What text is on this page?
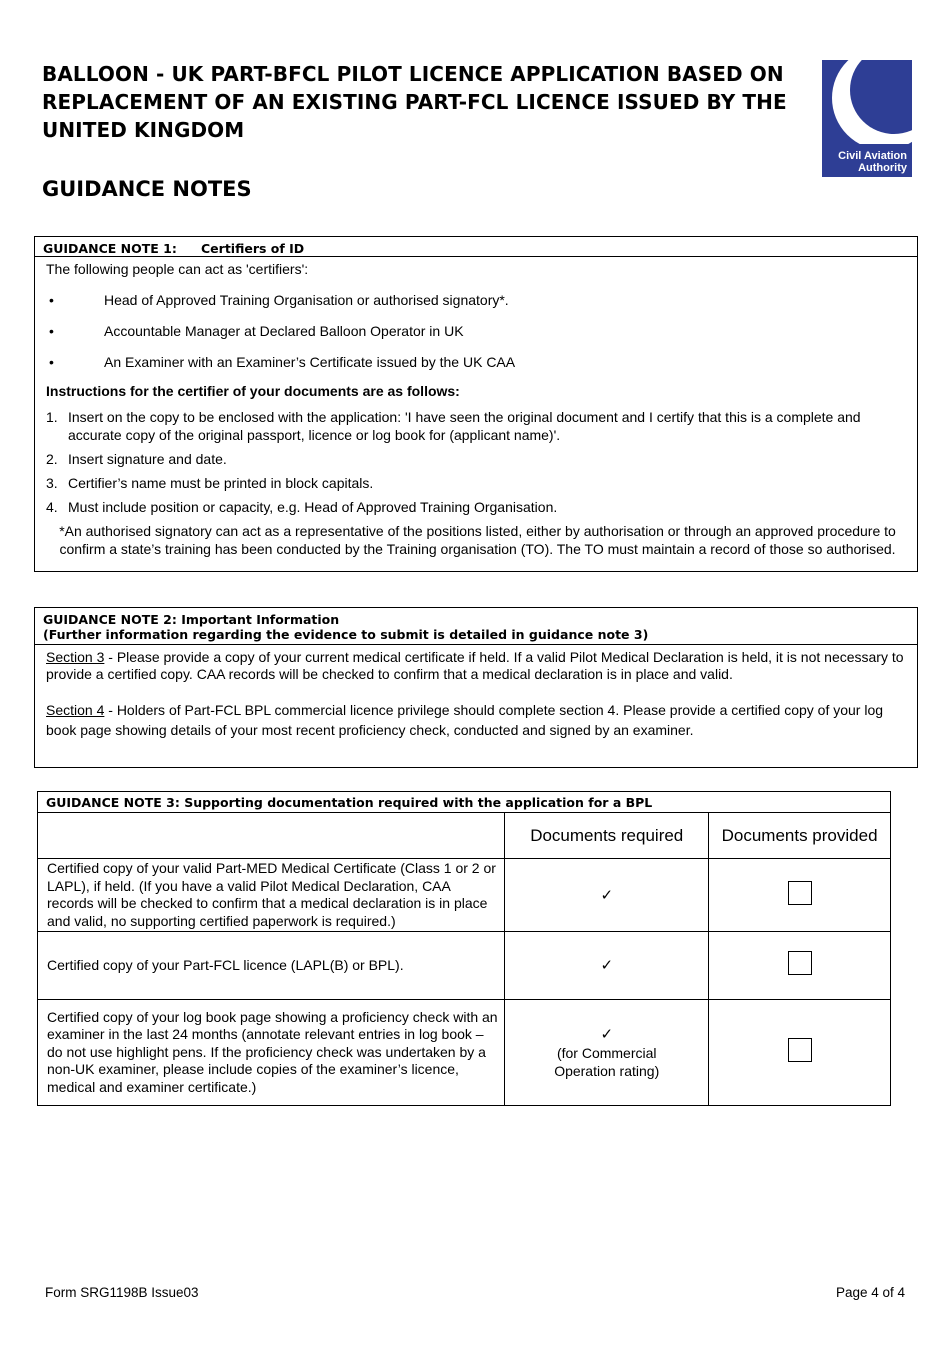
BALLOON - UK PART-BFCL PILOT LICENCE APPLICATION BASED ON REPLACEMENT OF AN EXISTING PART-FCL LICENCE ISSUED BY THE UNITED KINGDOM
GUIDANCE NOTES
Civil Aviation
Authority
GUIDANCE NOTE 1: Certifiers of ID

The following people can act as 'certifiers':

•	Head of Approved Training Organisation or authorised signatory*.
•	Accountable Manager at Declared Balloon Operator in UK
•	An Examiner with an Examiner’s Certificate issued by the UK CAA
Instructions for the certifier of your documents are as follows:
1. Insert on the copy to be enclosed with the application: 'I have seen the original document and I certify that this is a complete and accurate copy of the original passport, licence or log book for (applicant name)'.
2. Insert signature and date.
3. Certifier’s name must be printed in block capitals.
4. Must include position or capacity, e.g. Head of Approved Training Organisation.
*An authorised signatory can act as a representative of the positions listed, either by authorisation or through an approved procedure to confirm a state’s training has been conducted by the Training organisation (TO). The TO must maintain a record of those so authorised.
GUIDANCE NOTE 2: Important Information
(Further information regarding the evidence to submit is detailed in guidance note 3)
Section 3 - Please provide a copy of your current medical certificate if held. If a valid Pilot Medical Declaration is held, it is not necessary to provide a certified copy. CAA records will be checked to confirm that a medical declaration is in place and valid.
Section 4 - Holders of Part-FCL BPL commercial licence privilege should complete section 4. Please provide a certified copy of your log book page showing details of your most recent proficiency check, conducted and signed by an examiner.
GUIDANCE NOTE 3: Supporting documentation required with the application for a BPL		
	Documents required	Documents provided
Certified copy of your valid Part-MED Medical Certificate (Class 1 or 2 or LAPL), if held. (If you have a valid Pilot Medical Declaration, CAA records will be checked to confirm that a medical declaration is in place and valid, no supporting certified paperwork is required.)	✓	
Certified copy of your Part-FCL licence (LAPL(B) or BPL).	✓	
Certified copy of your log book page showing a proficiency check with an examiner in the last 24 months (annotate relevant entries in log book – do not use highlight pens. If the proficiency check was undertaken by a non-UK examiner, please include copies of the examiner’s licence, medical and examiner certificate.)	✓
(for Commercial Operation rating)	

Form SRG1198B Issue03	Page 4 of 4
